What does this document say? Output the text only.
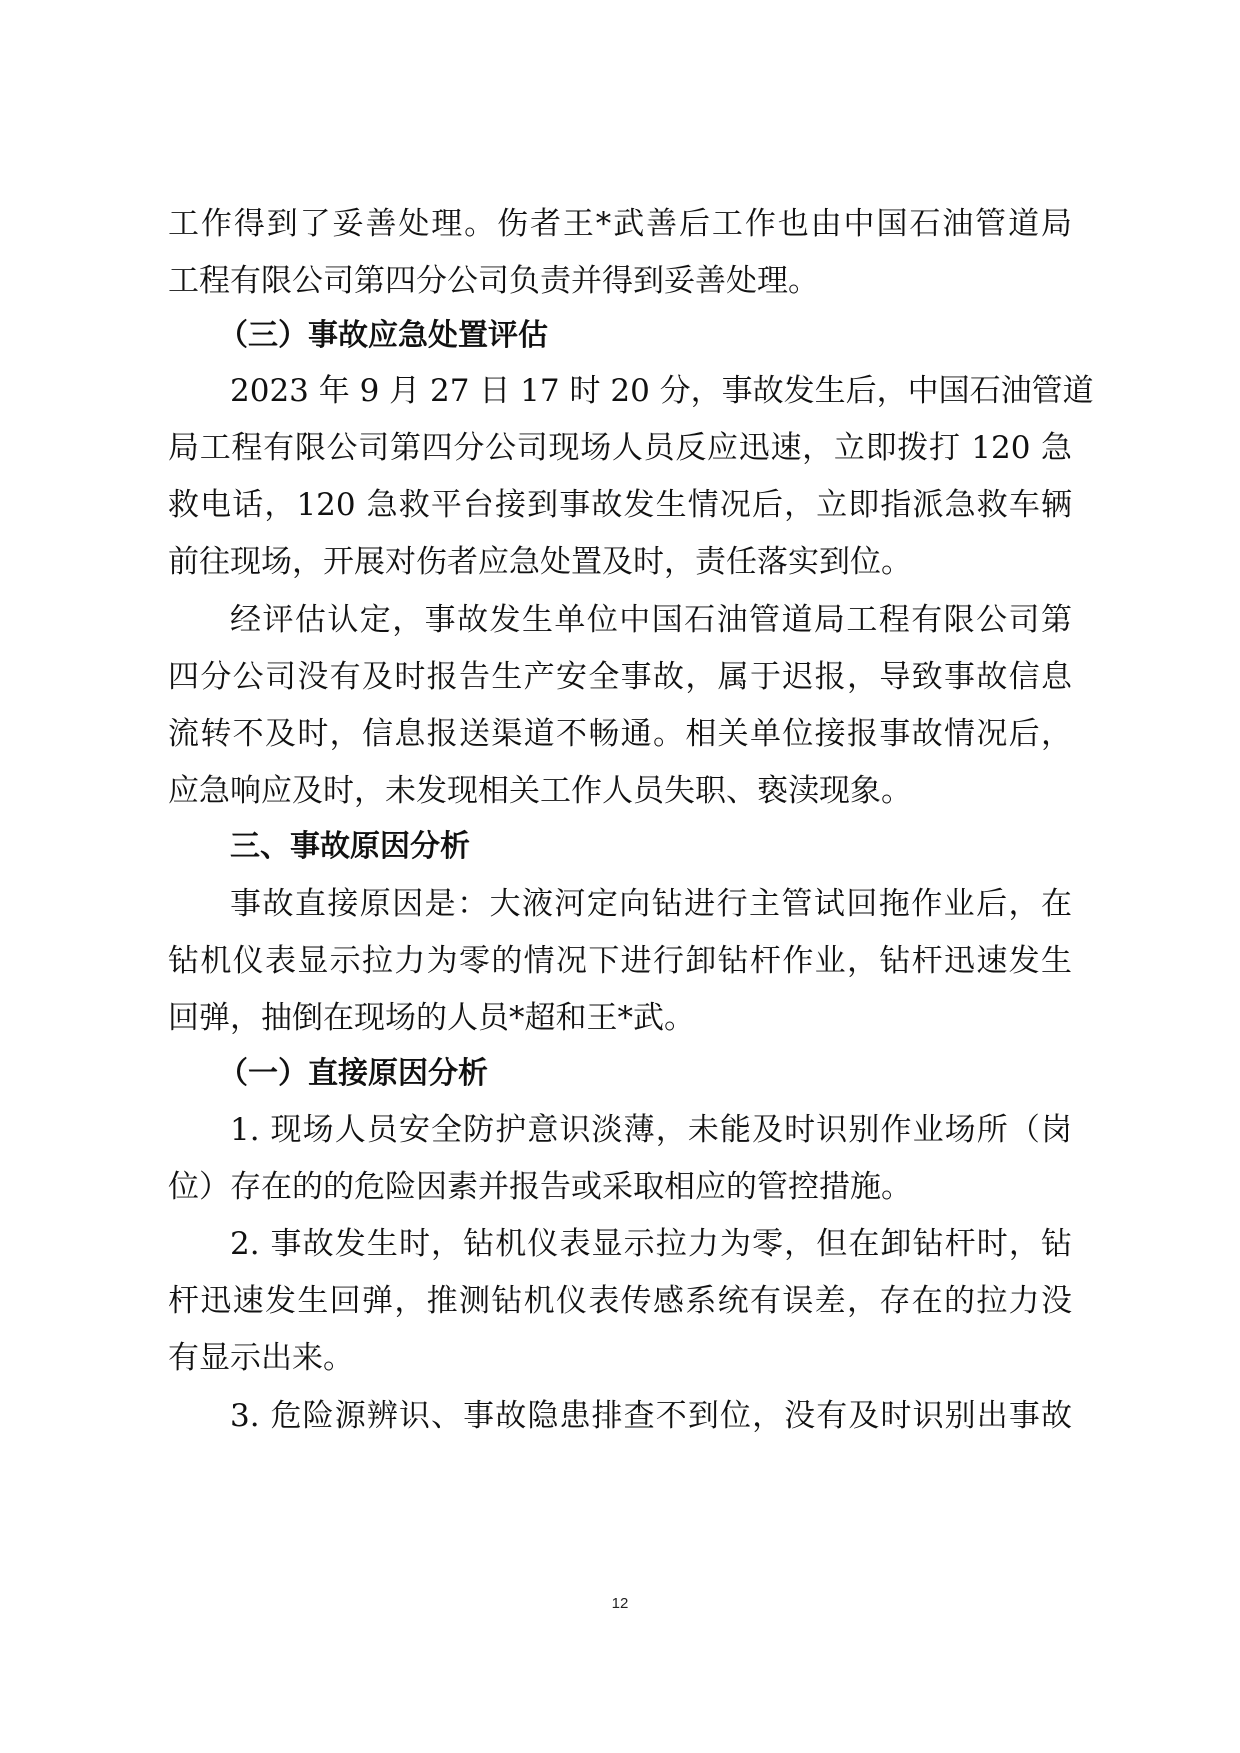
工作得到了妥善处理。伤者王*武善后工作也由中国石油管道局
工程有限公司第四分公司负责并得到妥善处理。
（三）事故应急处置评估
2023 年 9 月 27 日 17 时 20 分，事故发生后，中国石油管道
局工程有限公司第四分公司现场人员反应迅速，立即拨打 120 急
救电话，120 急救平台接到事故发生情况后，立即指派急救车辆
前往现场，开展对伤者应急处置及时，责任落实到位。
经评估认定，事故发生单位中国石油管道局工程有限公司第
四分公司没有及时报告生产安全事故，属于迟报，导致事故信息
流转不及时，信息报送渠道不畅通。相关单位接报事故情况后，
应急响应及时，未发现相关工作人员失职、亵渎现象。
三、事故原因分析
事故直接原因是：大液河定向钻进行主管试回拖作业后，在
钻机仪表显示拉力为零的情况下进行卸钻杆作业，钻杆迅速发生
回弹，抽倒在现场的人员*超和王*武。
（一）直接原因分析
1. 现场人员安全防护意识淡薄，未能及时识别作业场所（岗
位）存在的的危险因素并报告或采取相应的管控措施。
2. 事故发生时，钻机仪表显示拉力为零，但在卸钻杆时，钻
杆迅速发生回弹，推测钻机仪表传感系统有误差，存在的拉力没
有显示出来。
3. 危险源辨识、事故隐患排查不到位，没有及时识别出事故
12
